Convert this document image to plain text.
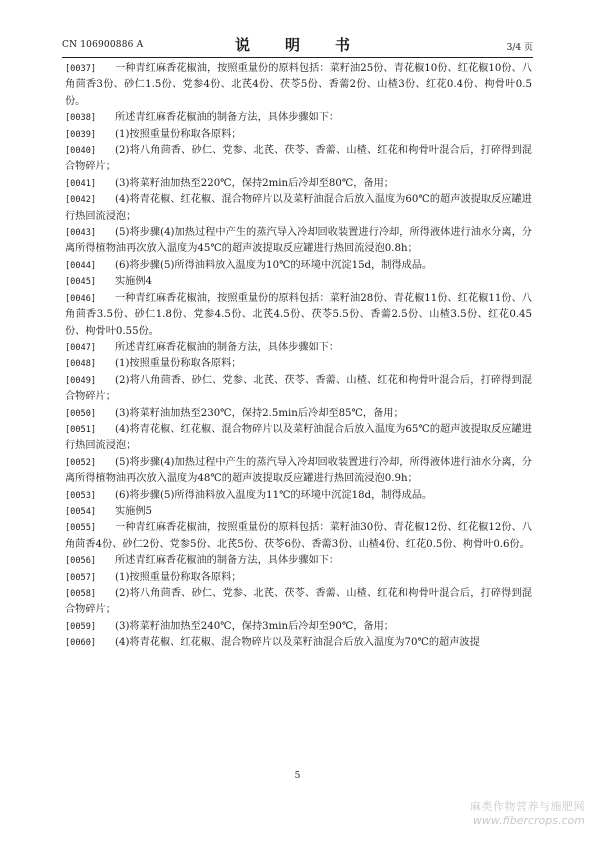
CN 106900886 A	说　明　书	3/4 页
[0037]	一种青红麻香花椒油，按照重量份的原料包括：菜籽油25份、青花椒10份、红花椒10份、八角茴香3份、砂仁1.5份、党参4份、北芪4份、茯苓5份、香薷2份、山楂3份、红花0.4份、枸骨叶0.5份。
[0038]	所述青红麻香花椒油的制备方法，具体步骤如下：
[0039]	(1)按照重量份称取各原料；
[0040]	(2)将八角茴香、砂仁、党参、北芪、茯苓、香薷、山楂、红花和枸骨叶混合后，打碎得到混合物碎片；
[0041]	(3)将菜籽油加热至220℃，保持2min后冷却至80℃，备用；
[0042]	(4)将青花椒、红花椒、混合物碎片以及菜籽油混合后放入温度为60℃的超声波提取反应罐进行热回流浸泡；
[0043]	(5)将步骤(4)加热过程中产生的蒸汽导入冷却回收装置进行冷却，所得液体进行油水分离，分离所得植物油再次放入温度为45℃的超声波提取反应罐进行热回流浸泡0.8h；
[0044]	(6)将步骤(5)所得油料放入温度为10℃的环境中沉淀15d，制得成品。
[0045]	实施例4
[0046]	一种青红麻香花椒油，按照重量份的原料包括：菜籽油28份、青花椒11份、红花椒11份、八角茴香3.5份、砂仁1.8份、党参4.5份、北芪4.5份、茯苓5.5份、香薷2.5份、山楂3.5份、红花0.45份、枸骨叶0.55份。
[0047]	所述青红麻香花椒油的制备方法，具体步骤如下：
[0048]	(1)按照重量份称取各原料；
[0049]	(2)将八角茴香、砂仁、党参、北芪、茯苓、香薷、山楂、红花和枸骨叶混合后，打碎得到混合物碎片；
[0050]	(3)将菜籽油加热至230℃，保持2.5min后冷却至85℃，备用；
[0051]	(4)将青花椒、红花椒、混合物碎片以及菜籽油混合后放入温度为65℃的超声波提取反应罐进行热回流浸泡；
[0052]	(5)将步骤(4)加热过程中产生的蒸汽导入冷却回收装置进行冷却，所得液体进行油水分离，分离所得植物油再次放入温度为48℃的超声波提取反应罐进行热回流浸泡0.9h；
[0053]	(6)将步骤(5)所得油料放入温度为11℃的环境中沉淀18d，制得成品。
[0054]	实施例5
[0055]	一种青红麻香花椒油，按照重量份的原料包括：菜籽油30份、青花椒12份、红花椒12份、八角茴香4份、砂仁2份、党参5份、北芪5份、茯苓6份、香薷3份、山楂4份、红花0.5份、枸骨叶0.6份。
[0056]	所述青红麻香花椒油的制备方法，具体步骤如下：
[0057]	(1)按照重量份称取各原料；
[0058]	(2)将八角茴香、砂仁、党参、北芪、茯苓、香薷、山楂、红花和枸骨叶混合后，打碎得到混合物碎片；
[0059]	(3)将菜籽油加热至240℃，保持3min后冷却至90℃，备用；
[0060]	(4)将青花椒、红花椒、混合物碎片以及菜籽油混合后放入温度为70℃的超声波提
5
麻类作物营养与施肥网
www.fibercrops.com
